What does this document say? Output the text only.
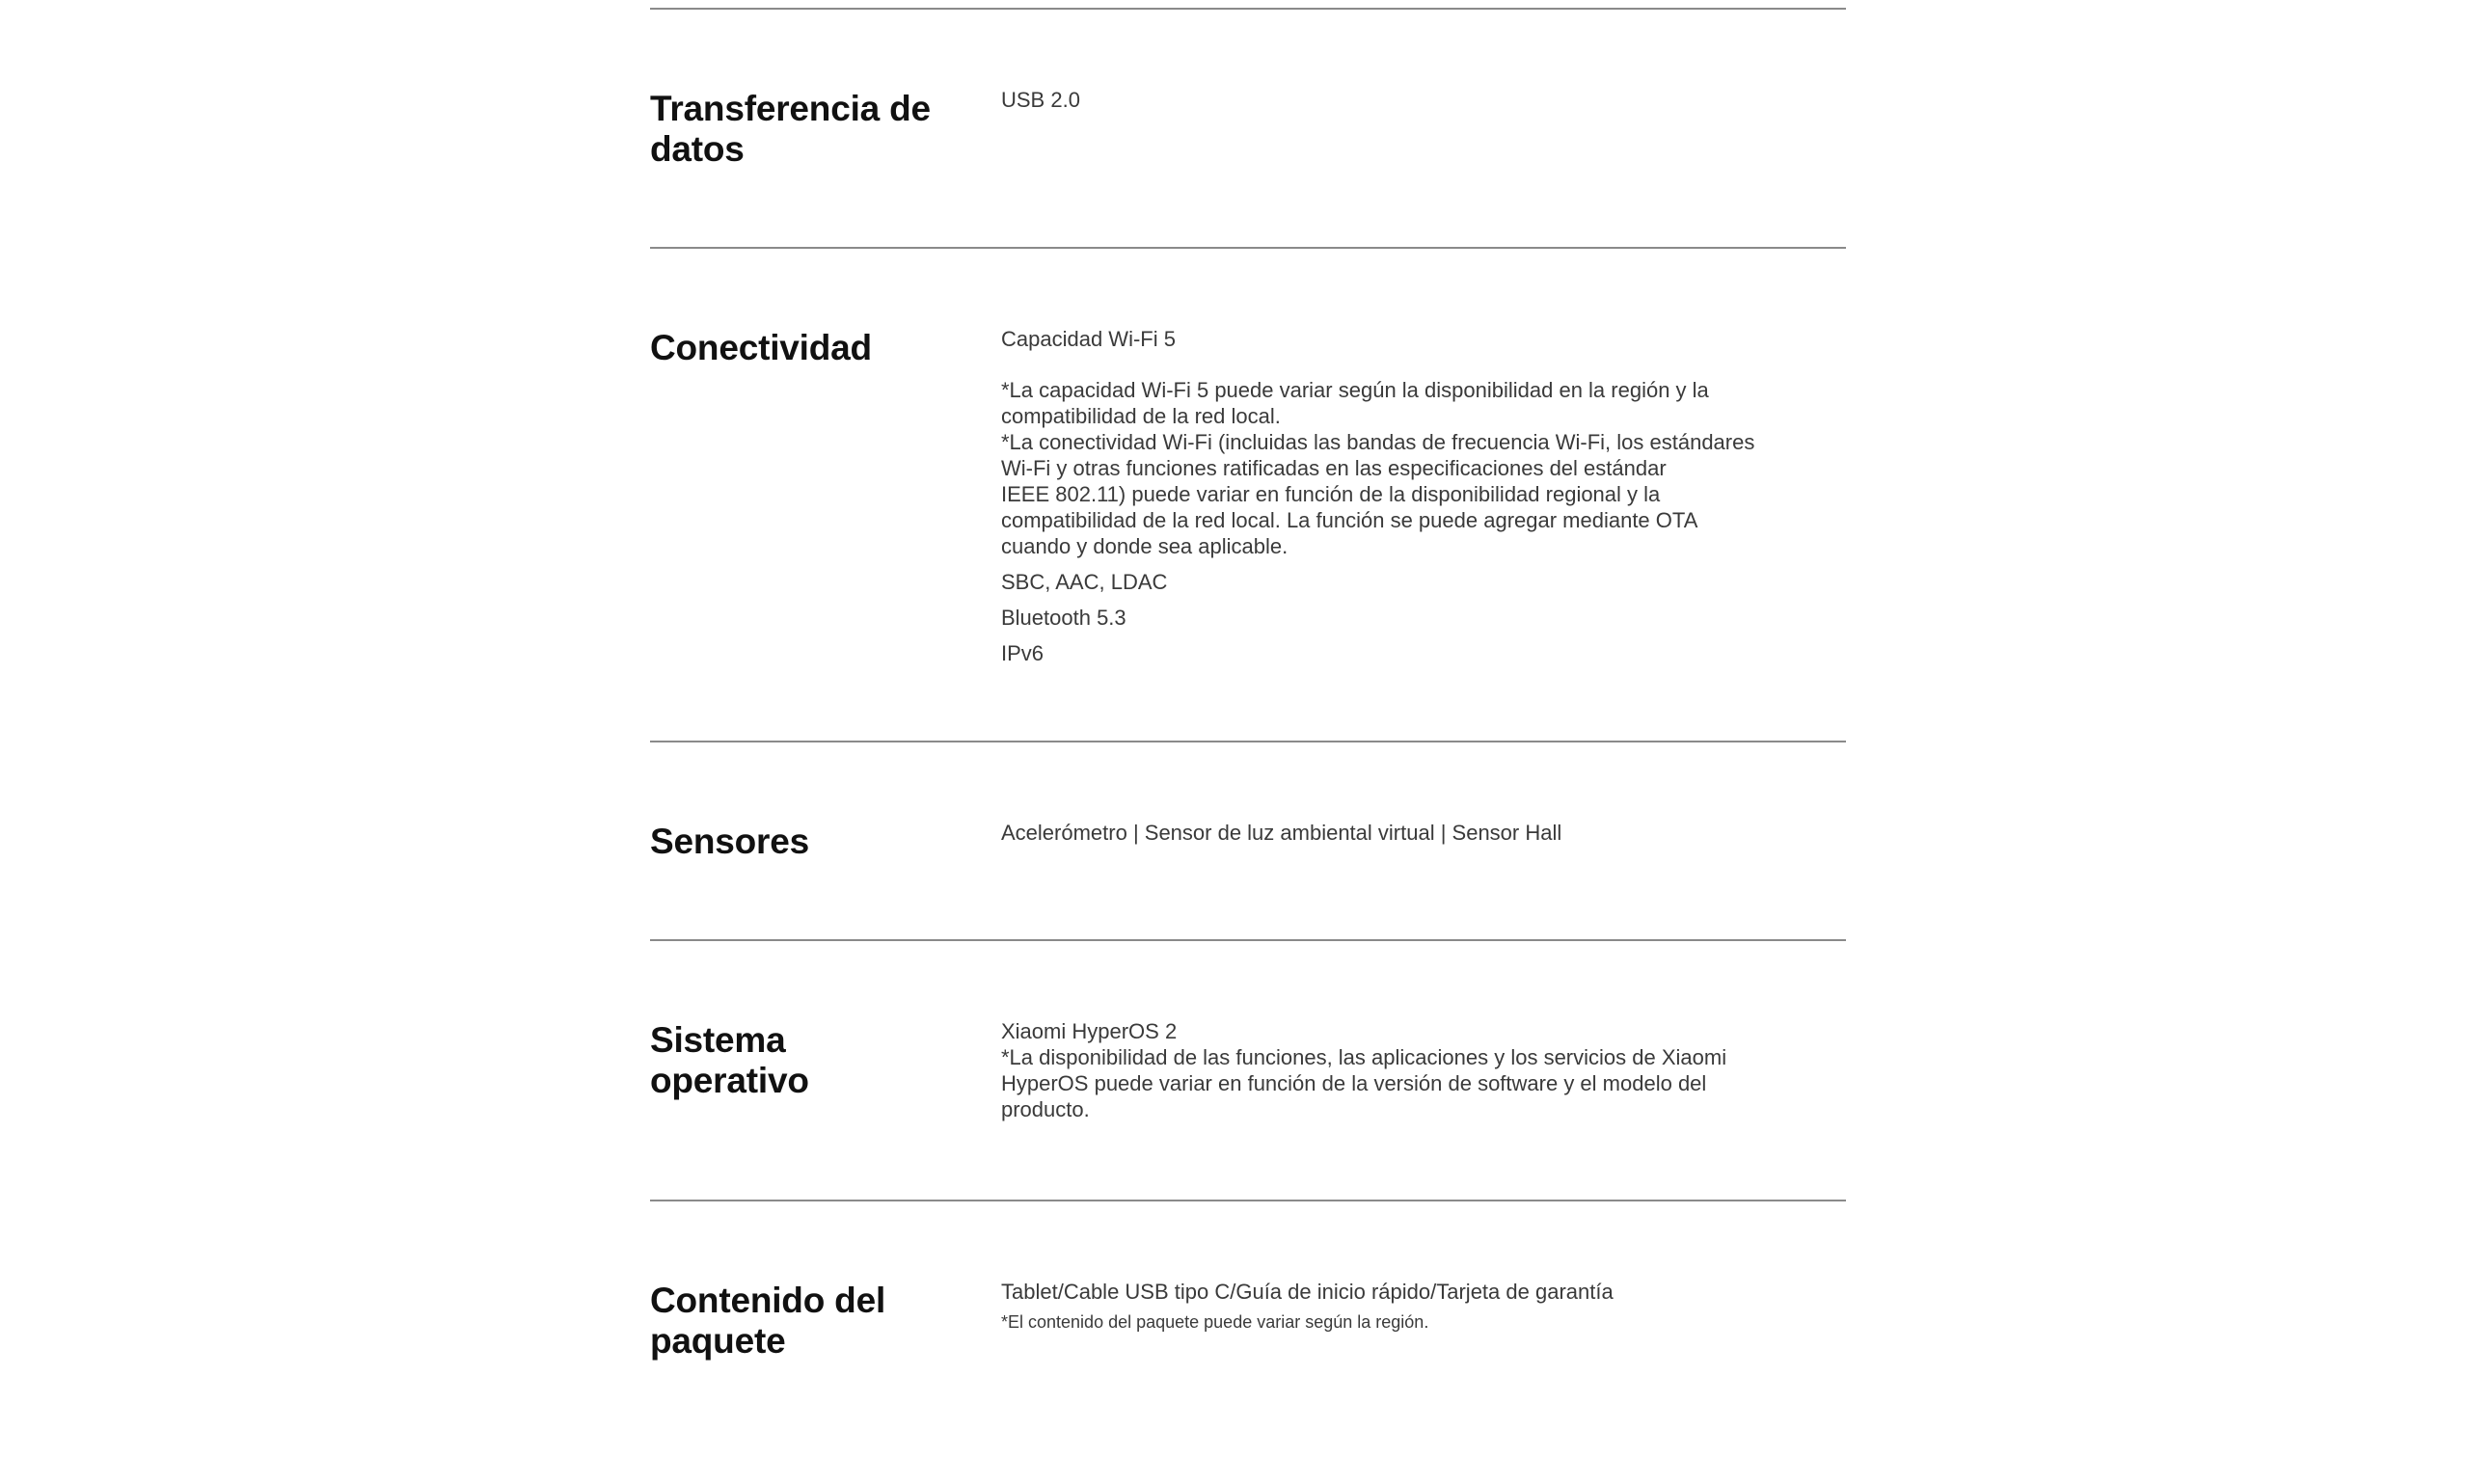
Transferencia de
datos
USB 2.0
Conectividad	Capacidad Wi-Fi 5
*La capacidad Wi-Fi 5 puede variar según la disponibilidad en la región y la
compatibilidad de la red local.
*La conectividad Wi-Fi (incluidas las bandas de frecuencia Wi-Fi, los estándares
Wi-Fi y otras funciones ratificadas en las especificaciones del estándar
IEEE 802.11) puede variar en función de la disponibilidad regional y la
compatibilidad de la red local. La función se puede agregar mediante OTA
cuando y donde sea aplicable.
SBC, AAC, LDAC
Bluetooth 5.3
IPv6
Sensores	Acelerómetro | Sensor de luz ambiental virtual | Sensor Hall
Sistema
operativo
Xiaomi HyperOS 2
*La disponibilidad de las funciones, las aplicaciones y los servicios de Xiaomi
HyperOS puede variar en función de la versión de software y el modelo del
producto.
Contenido del
paquete
Tablet/Cable USB tipo C/Guía de inicio rápido/Tarjeta de garantía
*El contenido del paquete puede variar según la región.
